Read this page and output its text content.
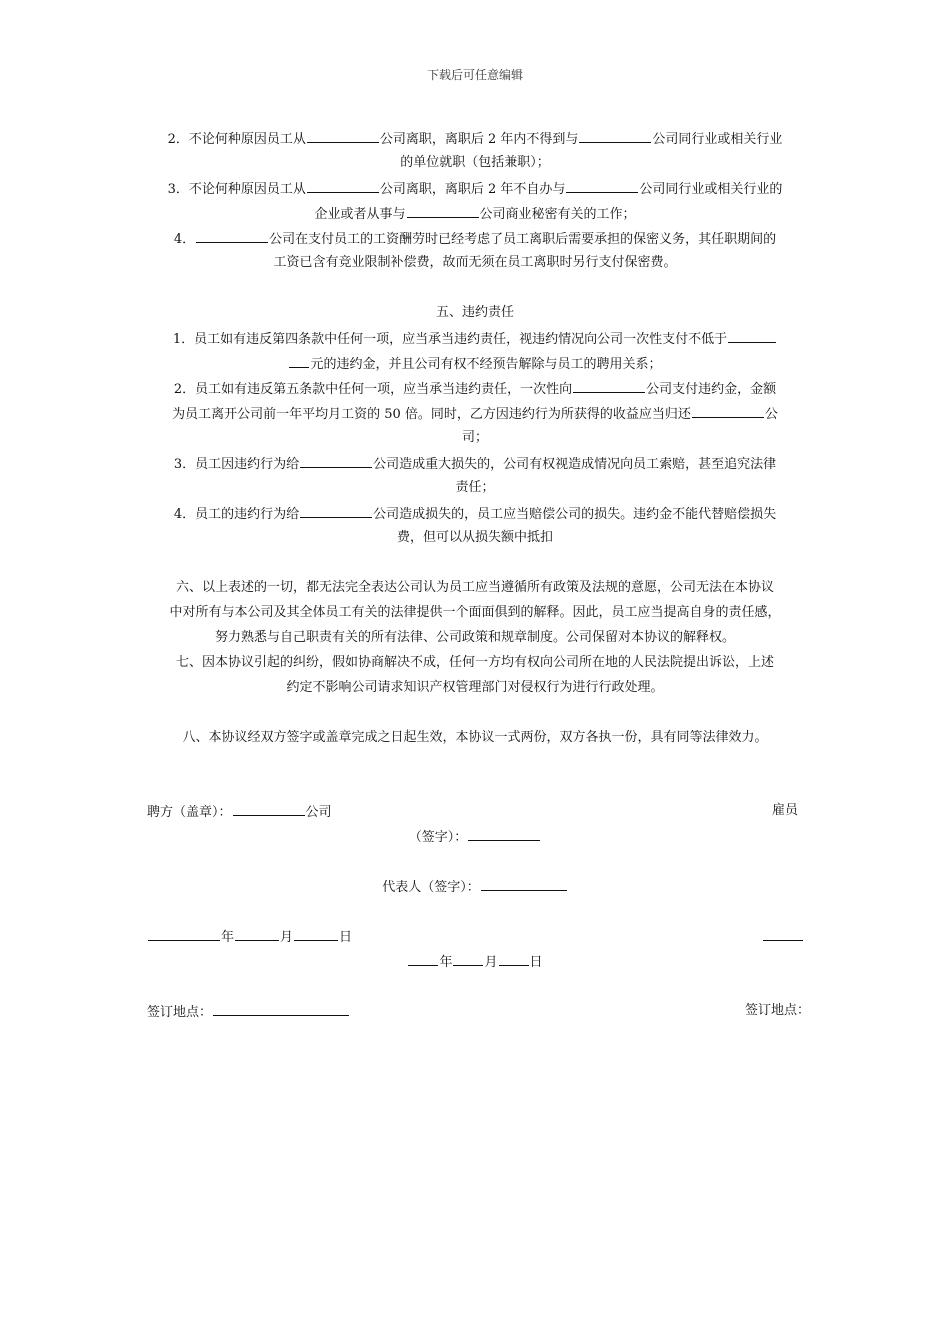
下载后可任意编辑
2．不论何种原因员工从	公司离职，离职后 2 年内不得到与	公司同行业或相关行业
的单位就职（包括兼职）；
3．不论何种原因员工从	公司离职，离职后 2 年不自办与	公司同行业或相关行业的
企业或者从事与	公司商业秘密有关的工作；
4．	公司在支付员工的工资酬劳时已经考虑了员工离职后需要承担的保密义务，其任职期间的
工资已含有竞业限制补偿费，故而无须在员工离职时另行支付保密费。
五、违约责任
1．员工如有违反第四条款中任何一项，应当承当违约责任，视违约情况向公司一次性支付不低于
元的违约金，并且公司有权不经预告解除与员工的聘用关系；
2．员工如有违反第五条款中任何一项，应当承当违约责任，一次性向	公司支付违约金，金额
为员工离开公司前一年平均月工资的 50 倍。同时，乙方因违约行为所获得的收益应当归还	公
司；
3．员工因违约行为给	公司造成重大损失的，公司有权视造成情况向员工索赔，甚至追究法律
责任；
4．员工的违约行为给	公司造成损失的，员工应当赔偿公司的损失。违约金不能代替赔偿损失
费，但可以从损失额中抵扣
六、以上表述的一切，都无法完全表达公司认为员工应当遵循所有政策及法规的意愿，公司无法在本协议
中对所有与本公司及其全体员工有关的法律提供一个面面俱到的解释。因此，员工应当提高自身的责任感，
努力熟悉与自己职责有关的所有法律、公司政策和规章制度。公司保留对本协议的解释权。
七、因本协议引起的纠纷，假如协商解决不成，任何一方均有权向公司所在地的人民法院提出诉讼，上述
约定不影响公司请求知识产权管理部门对侵权行为进行行政处理。
八、本协议经双方签字或盖章完成之日起生效，本协议一式两份，双方各执一份，具有同等法律效力。
聘方（盖章）：	公司	雇员
（签字）：
代表人（签字）：
年	月	日
年 月 日
签订地点：	签订地点：
